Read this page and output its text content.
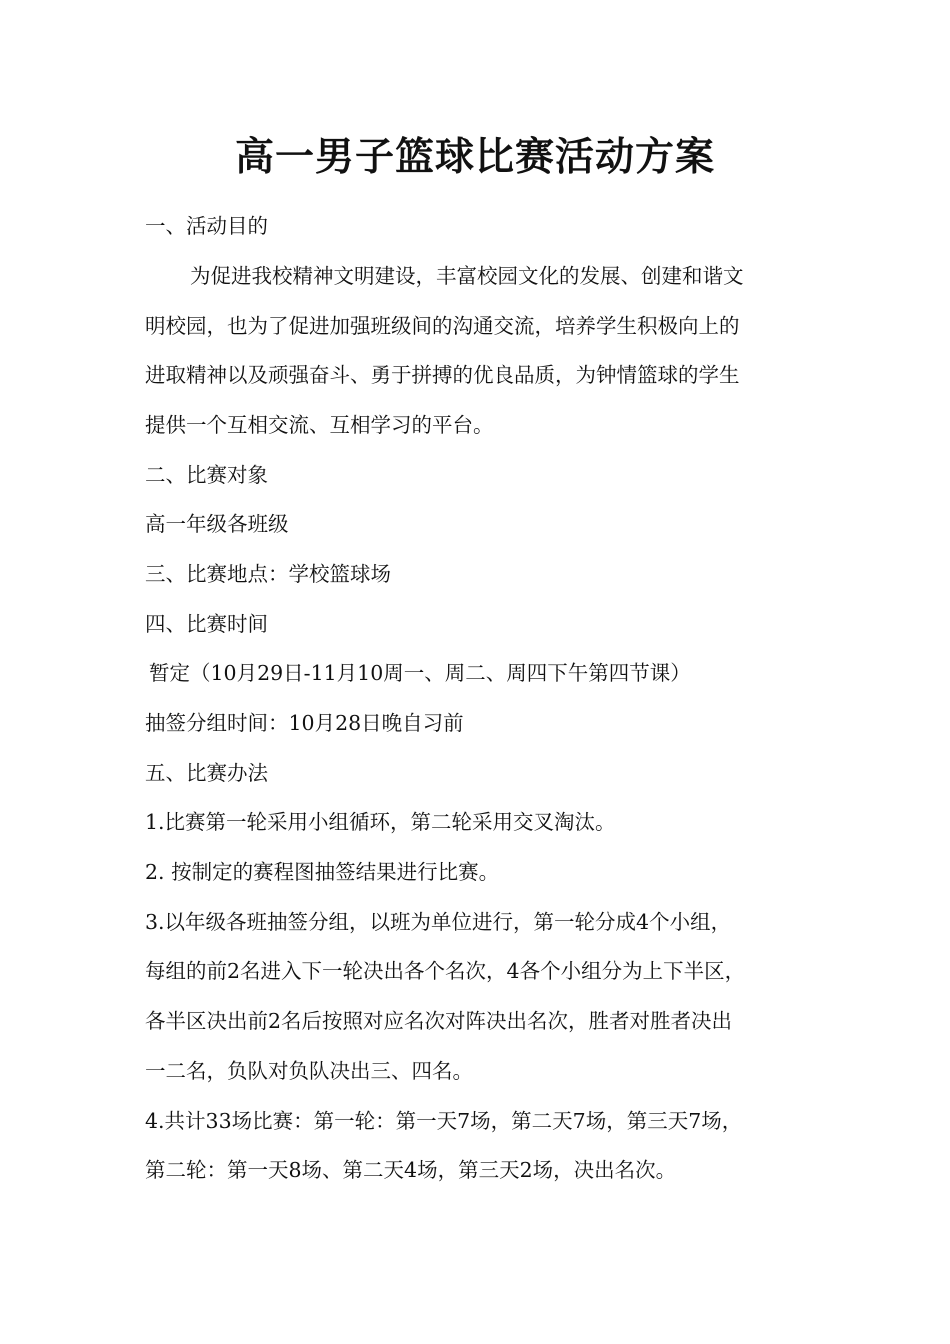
高一男子篮球比赛活动方案
一、活动目的
为促进我校精神文明建设，丰富校园文化的发展、创建和谐文
明校园，也为了促进加强班级间的沟通交流，培养学生积极向上的
进取精神以及顽强奋斗、勇于拼搏的优良品质，为钟情篮球的学生
提供一个互相交流、互相学习的平台。
二、比赛对象
高一年级各班级
三、比赛地点：学校篮球场
四、比赛时间
暂定（10月29日-11月10周一、周二、周四下午第四节课）
抽签分组时间：10月28日晚自习前
五、比赛办法
1.比赛第一轮采用小组循环，第二轮采用交叉淘汰。
2. 按制定的赛程图抽签结果进行比赛。
3.以年级各班抽签分组，以班为单位进行，第一轮分成4个小组，
每组的前2名进入下一轮决出各个名次，4各个小组分为上下半区，
各半区决出前2名后按照对应名次对阵决出名次，胜者对胜者决出
一二名，负队对负队决出三、四名。
4.共计33场比赛：第一轮：第一天7场，第二天7场，第三天7场，
第二轮：第一天8场、第二天4场，第三天2场，决出名次。
